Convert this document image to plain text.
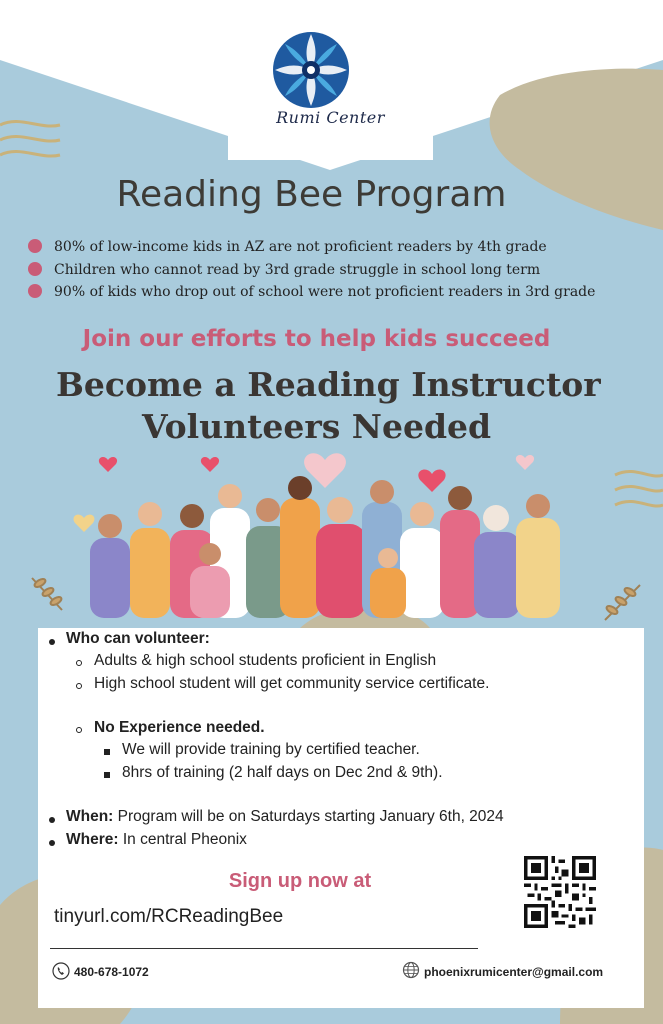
Rumi Center
Reading Bee Program
80% of low-income kids in AZ are not proficient readers by 4th grade
Children who cannot read by 3rd grade struggle in school long term
90% of kids who drop out of school were not proficient readers in 3rd grade
Join our efforts to help kids succeed
Become a Reading Instructor
Volunteers Needed
Who can volunteer:
Adults & high school students proficient in English
High school student will get community service certificate.
No Experience needed.
We will provide training by certified teacher.
8hrs of training (2 half days on Dec 2nd & 9th).
When: Program will be on Saturdays starting January 6th, 2024
Where: In central Pheonix
Sign up now at
tinyurl.com/RCReadingBee
480-678-1072	phoenixrumicenter@gmail.com
